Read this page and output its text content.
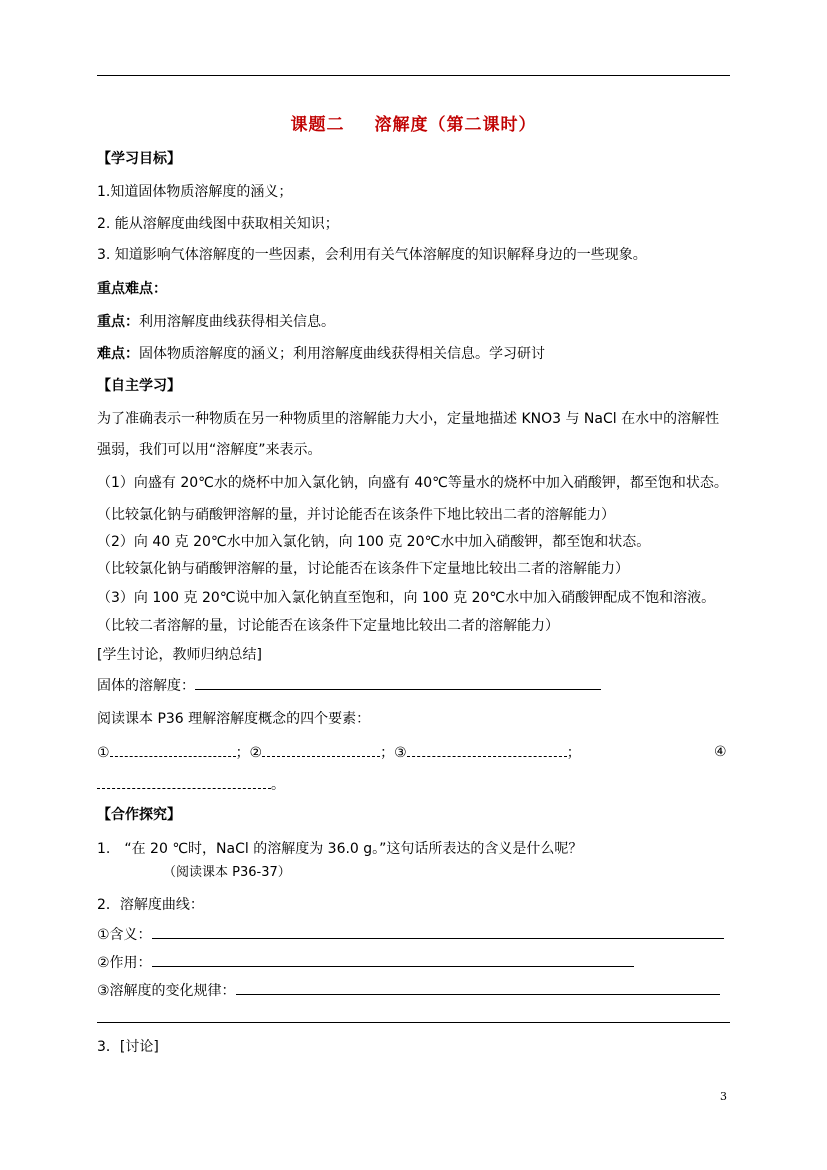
课题二 溶解度（第二课时）
【学习目标】
1.知道固体物质溶解度的涵义；
2. 能从溶解度曲线图中获取相关知识；
3. 知道影响气体溶解度的一些因素，会利用有关气体溶解度的知识解释身边的一些现象。
重点难点：
重点：利用溶解度曲线获得相关信息。
难点：固体物质溶解度的涵义；利用溶解度曲线获得相关信息。学习研讨
【自主学习】
为了准确表示一种物质在另一种物质里的溶解能力大小，定量地描述 KNO3 与 NaCl 在水中的溶解性
强弱，我们可以用“溶解度”来表示。
（1）向盛有 20℃水的烧杯中加入氯化钠，向盛有 40℃等量水的烧杯中加入硝酸钾，都至饱和状态。
（比较氯化钠与硝酸钾溶解的量，并讨论能否在该条件下地比较出二者的溶解能力）
（2）向 40 克 20℃水中加入氯化钠，向 100 克 20℃水中加入硝酸钾，都至饱和状态。
（比较氯化钠与硝酸钾溶解的量，讨论能否在该条件下定量地比较出二者的溶解能力）
（3）向 100 克 20℃说中加入氯化钠直至饱和，向 100 克 20℃水中加入硝酸钾配成不饱和溶液。
（比较二者溶解的量，讨论能否在该条件下定量地比较出二者的溶解能力）
[学生讨论，教师归纳总结]
固体的溶解度：
阅读课本 P36 理解溶解度概念的四个要素：
①	；②	；③	；	④
。
【合作探究】
1. “在 20 ℃时，NaCl 的溶解度为 36.0 g。”这句话所表达的含义是什么呢？
（阅读课本 P36-37）
2．溶解度曲线：
①含义：
②作用：
③溶解度的变化规律：
3．[讨论]
3
